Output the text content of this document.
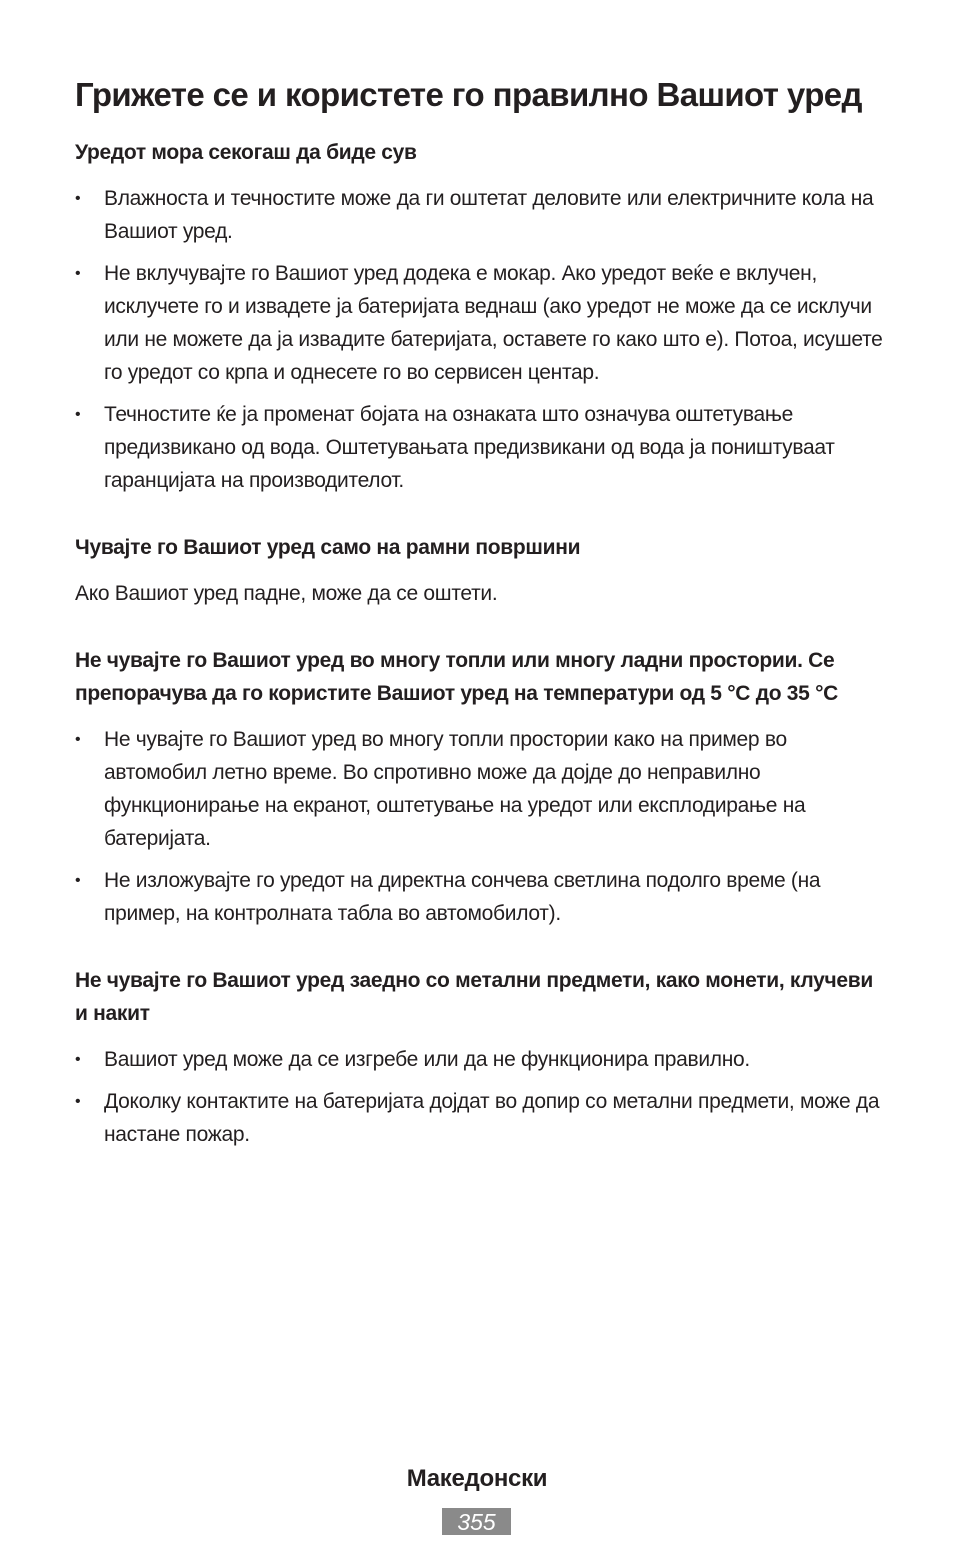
Грижете се и користете го правилно Вашиот уред
Уредот мора секогаш да биде сув
• Влажноста и течностите може да ги оштетат деловите или електричните кола на Вашиот уред.
• Не вклучувајте го Вашиот уред додека е мокар. Ако уредот веќе е вклучен, исклучете го и извадете ја батеријата веднаш (ако уредот не може да се исклучи или не можете да ја извадите батеријата, оставете го како што е). Потоа, исушете го уредот со крпа и однесете го во сервисен центар.
• Течностите ќе ја променат бојата на ознаката што означува оштетување предизвикано од вода. Оштетувањата предизвикани од вода ја поништуваат гаранцијата на производителот.
Чувајте го Вашиот уред само на рамни површини

Ако Вашиот уред падне, може да се оштети.

Не чувајте го Вашиот уред во многу топли или многу ладни простории. Се препорачува да го користите Вашиот уред на температури од 5 °C до 35 °C
• Не чувајте го Вашиот уред во многу топли простории како на пример во автомобил летно време. Во спротивно може да дојде до неправилно функционирање на екранот, оштетување на уредот или експлодирање на батеријата.
• Не изложувајте го уредот на директна сончева светлина подолго време (на пример, на контролната табла во автомобилот).
Не чувајте го Вашиот уред заедно со метални предмети, како монети, клучеви и накит
• Вашиот уред може да се изгребе или да не функционира правилно.
• Доколку контактите на батеријата дојдат во допир со метални предмети, може да настане пожар.
Македонски
355
